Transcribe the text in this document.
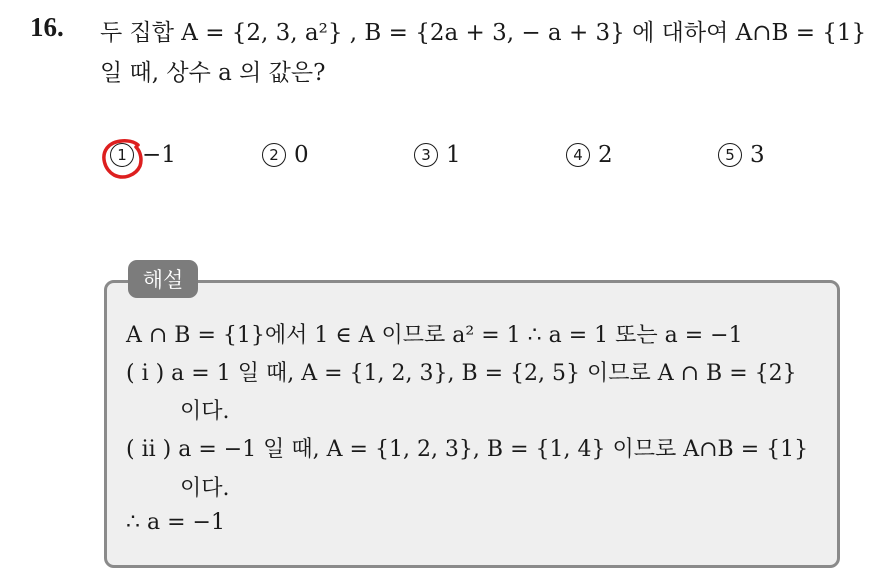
16. 두 집합 A = {2, 3, a²} , B = {2a + 3, − a + 3} 에 대하여 A∩B = {1}
일 때, 상수 a 의 값은?
1 −1	2 0	3 1	4 2	5 3
해설
A ∩ B = {1}에서 1 ∈ A 이므로 a² = 1 ∴ a = 1 또는 a = −1
( i ) a = 1 일 때, A = {1, 2, 3}, B = {2, 5} 이므로 A ∩ B = {2}
이다.
( ii ) a = −1 일 때, A = {1, 2, 3}, B = {1, 4} 이므로 A∩B = {1}
이다.
∴ a = −1
